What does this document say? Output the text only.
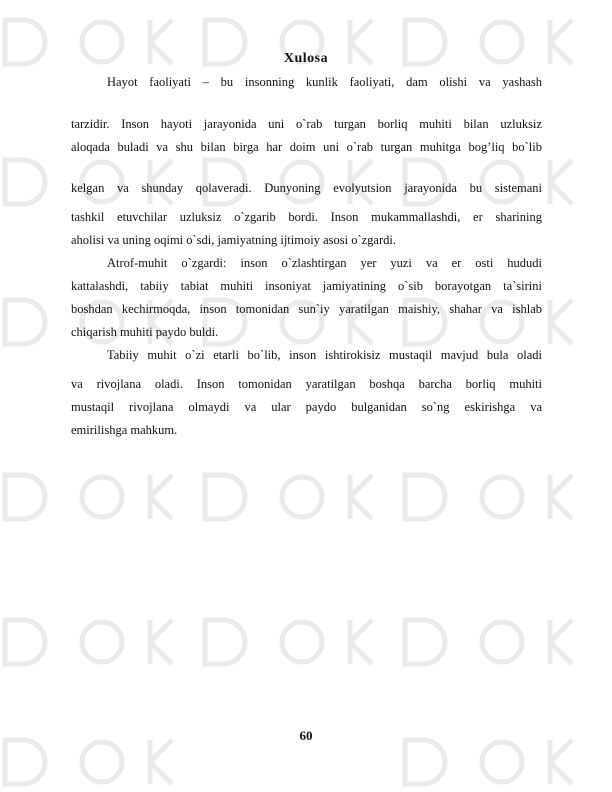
Xulosa
Hayot faoliyati – bu insonning kunlik faoliyati, dam olishi va yashash
tarzidir. Inson hayoti jarayonida uni o`rab turgan borliq muhiti bilan uzluksiz
aloqada buladi va shu bilan birga har doim uni o`rab turgan muhitga bog’liq bo`lib
kelgan va shunday qolaveradi. Dunyoning evolyutsion jarayonida bu sistemani
tashkil etuvchilar uzluksiz o`zgarib bordi. Inson mukammallashdi, er sharining
aholisi va uning oqimi o`sdi, jamiyatning ijtimoiy asosi o`zgardi.
Atrof-muhit o`zgardi: inson o`zlashtirgan yer yuzi va er osti hududi
kattalashdi, tabiiy tabiat muhiti insoniyat jamiyatining o`sib borayotgan ta`sirini
boshdan kechirmoqda, inson tomonidan sun`iy yaratilgan maishiy, shahar va ishlab
chiqarish muhiti paydo buldi.
Tabiiy muhit o`zi etarli bo`lib, inson ishtirokisiz mustaqil mavjud bula oladi
va rivojlana oladi. Inson tomonidan yaratilgan boshqa barcha borliq muhiti
mustaqil rivojlana olmaydi va ular paydo bulganidan so`ng eskirishga va
emirilishga mahkum.
60
